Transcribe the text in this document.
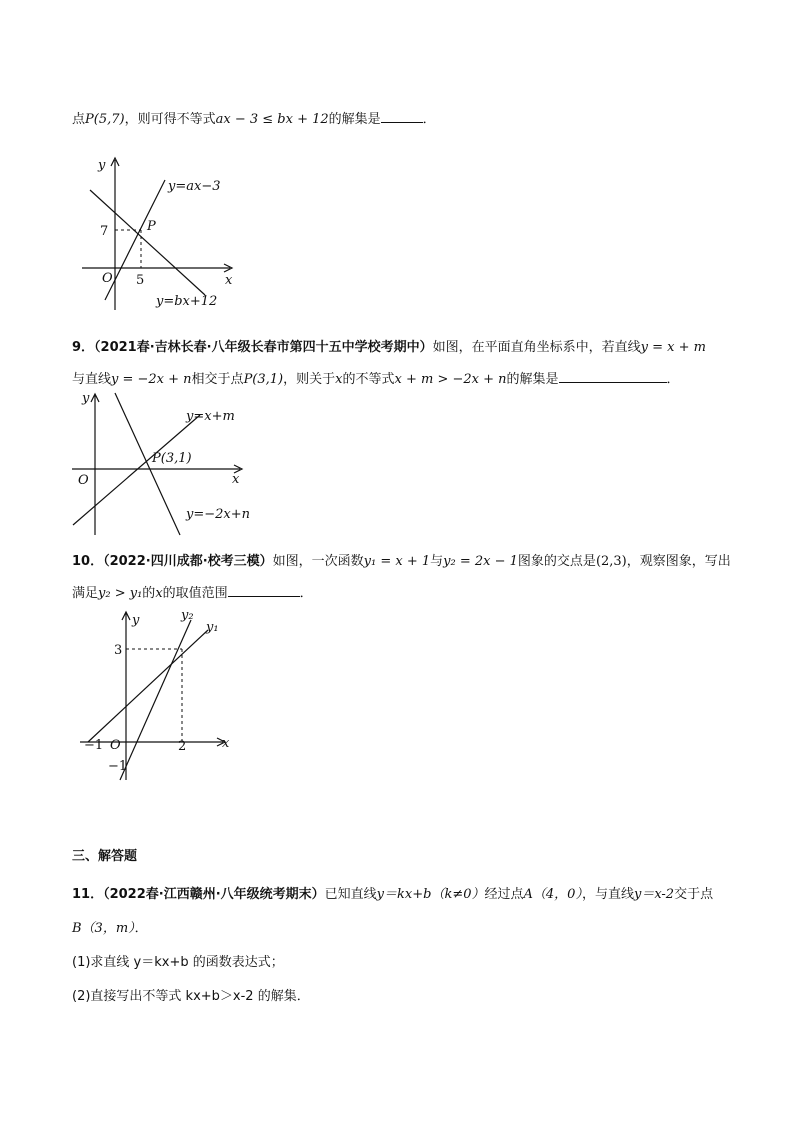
点P(5,7)，则可得不等式ax − 3 ≤ bx + 12的解集是	．
y
x
O
7
5
P
y=ax−3
y=bx+12
9．（2021春·吉林长春·八年级长春市第四十五中学校考期中）如图，在平面直角坐标系中，若直线y = x + m
与直线y = −2x + n相交于点P(3,1)，则关于x的不等式x + m > −2x + n的解集是	．
y
x
O
P(3,1)
y=x+m
y=−2x+n
10．（2022·四川成都·校考三模）如图，一次函数y₁ = x + 1与y₂ = 2x − 1图象的交点是(2,3)，观察图象，写出
满足y₂ > y₁的x的取值范围	．
y
x
O
3
2
−1
−1
y₂
y₁
三、解答题
11．（2022春·江西赣州·八年级统考期末）已知直线y＝kx+b（k≠0）经过点A（4，0），与直线y＝x-2交于点
B（3，m）．
(1)求直线 y＝kx+b 的函数表达式；
(2)直接写出不等式 kx+b＞x-2 的解集．
